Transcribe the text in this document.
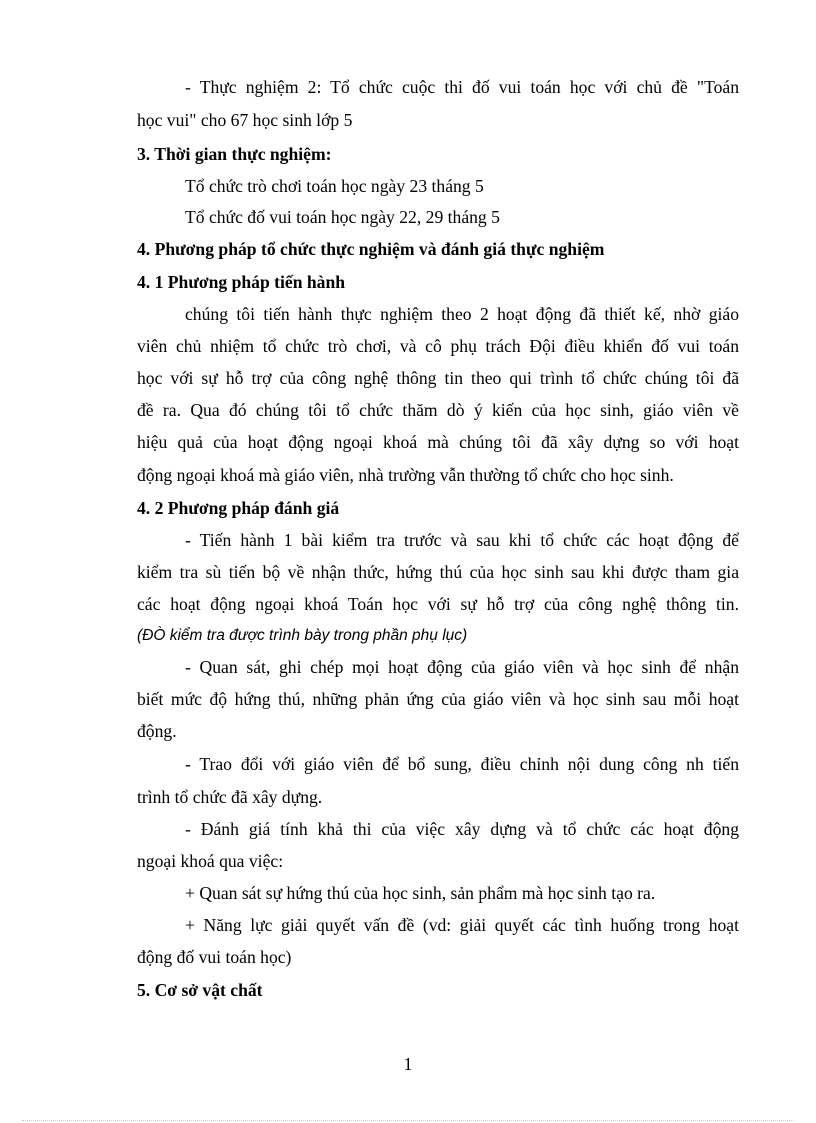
- Thực nghiệm 2: Tổ chức cuộc thi đố vui toán học với chủ đề "Toán
học vui" cho 67 học sinh lớp 5
3. Thời gian thực nghiệm:
Tổ chức trò chơi toán học ngày 23 tháng 5
Tổ chức đố vui toán học ngày 22, 29 tháng 5
4. Phương pháp tổ chức thực nghiệm và đánh giá thực nghiệm
4. 1 Phương pháp tiến hành
chúng tôi tiến hành thực nghiệm theo 2 hoạt động đã thiết kế, nhờ giáo
viên chủ nhiệm tổ chức trò chơi, và cô phụ trách Đội điều khiển đố vui toán
học với sự hỗ trợ của công nghệ thông tin theo qui trình tổ chức chúng tôi đã
đề ra. Qua đó chúng tôi tổ chức thăm dò ý kiến của học sinh, giáo viên về
hiệu quả của hoạt động ngoại khoá mà chúng tôi đã xây dựng so với hoạt
động ngoại khoá mà giáo viên, nhà trường vẫn thường tổ chức cho học sinh.
4. 2 Phương pháp đánh giá
- Tiến hành 1 bài kiểm tra trước và sau khi tổ chức các hoạt động để
kiểm tra sù tiến bộ về nhận thức, hứng thú của học sinh sau khi được tham gia
các hoạt động ngoại khoá Toán học với sự hỗ trợ của công nghệ thông tin.
(ĐÒ kiểm tra được trình bày trong phần phụ lục)
- Quan sát, ghi chép mọi hoạt động của giáo viên và học sinh để nhận
biết mức độ hứng thú, những phản ứng của giáo viên và học sinh sau mỗi hoạt
động.
- Trao đổi với giáo viên để bổ sung, điều chỉnh nội dung công nh tiến
trình tổ chức đã xây dựng.
- Đánh giá tính khả thi của việc xây dựng và tổ chức các hoạt động
ngoại khoá qua việc:
+ Quan sát sự hứng thú của học sinh, sản phẩm mà học sinh tạo ra.
+ Năng lực giải quyết vấn đề (vd: giải quyết các tình huống trong hoạt
động đố vui toán học)
5. Cơ sở vật chất
1
